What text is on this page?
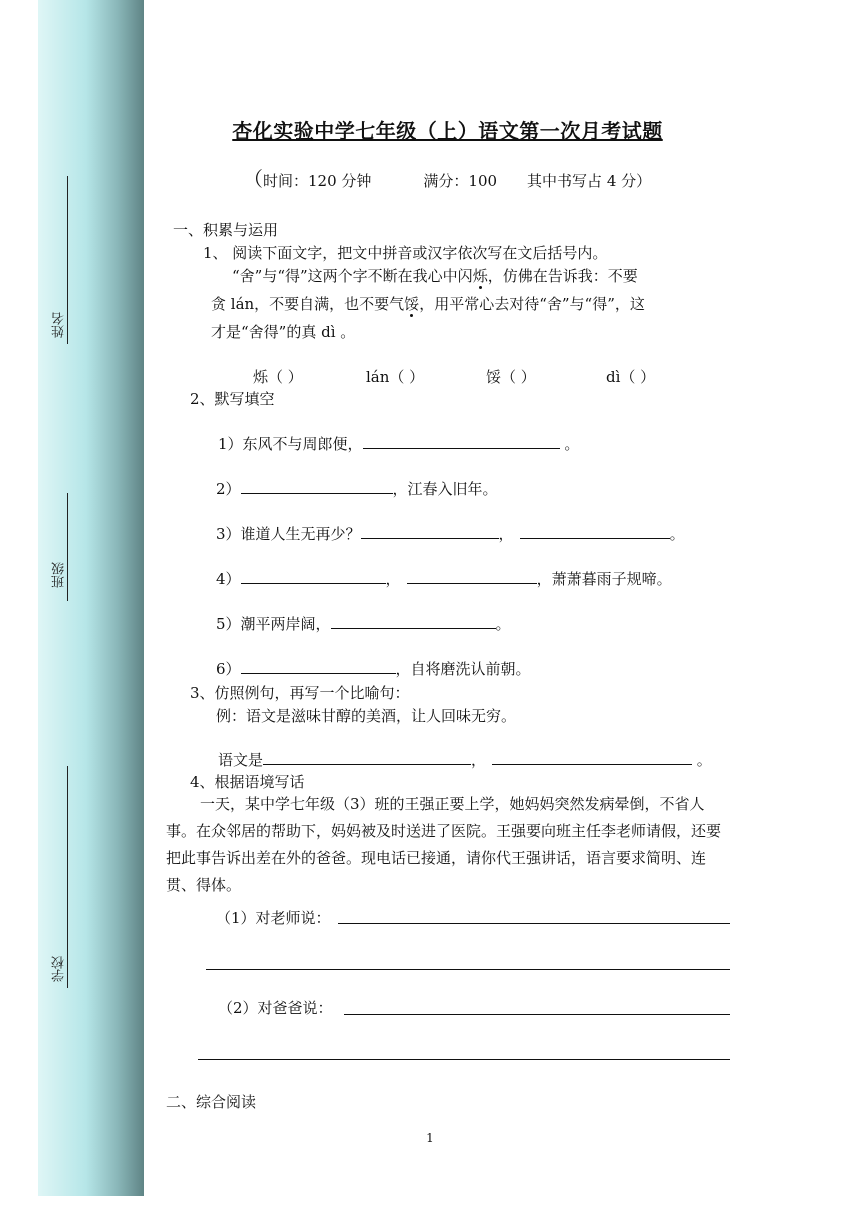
姓名
班级
学校
杏化实验中学七年级（上）语文第一次月考试题
（时间：120 分钟	满分：100 其中书写占 4 分）
一、积累与运用
1、 阅读下面文字，把文中拼音或汉字依次写在文后括号内。
“舍”与“得”这两个字不断在我心中闪烁，仿佛在告诉我：不要
贪 lán，不要自满，也不要气馁，用平常心去对待“舍”与“得”，这
才是“舍得”的真 dì 。
烁（ ）	lán（ ）	馁（ ）	dì（ ）
2、默写填空
1）东风不与周郎便，	。
2）	，江春入旧年。
3）谁道人生无再少？	，	。
4）	，	，萧萧暮雨子规啼。
5）潮平两岸阔，	。
6）	，自将磨洗认前朝。
3、仿照例句，再写一个比喻句：
例：语文是滋味甘醇的美酒，让人回味无穷。
语文是	，	。
4、根据语境写话
一天，某中学七年级（3）班的王强正要上学，她妈妈突然发病晕倒，不省人事。在众邻居的帮助下，妈妈被及时送进了医院。王强要向班主任李老师请假，还要把此事告诉出差在外的爸爸。现电话已接通，请你代王强讲话，语言要求简明、连贯、得体。
（1）对老师说：
（2）对爸爸说：
二、综合阅读
1
